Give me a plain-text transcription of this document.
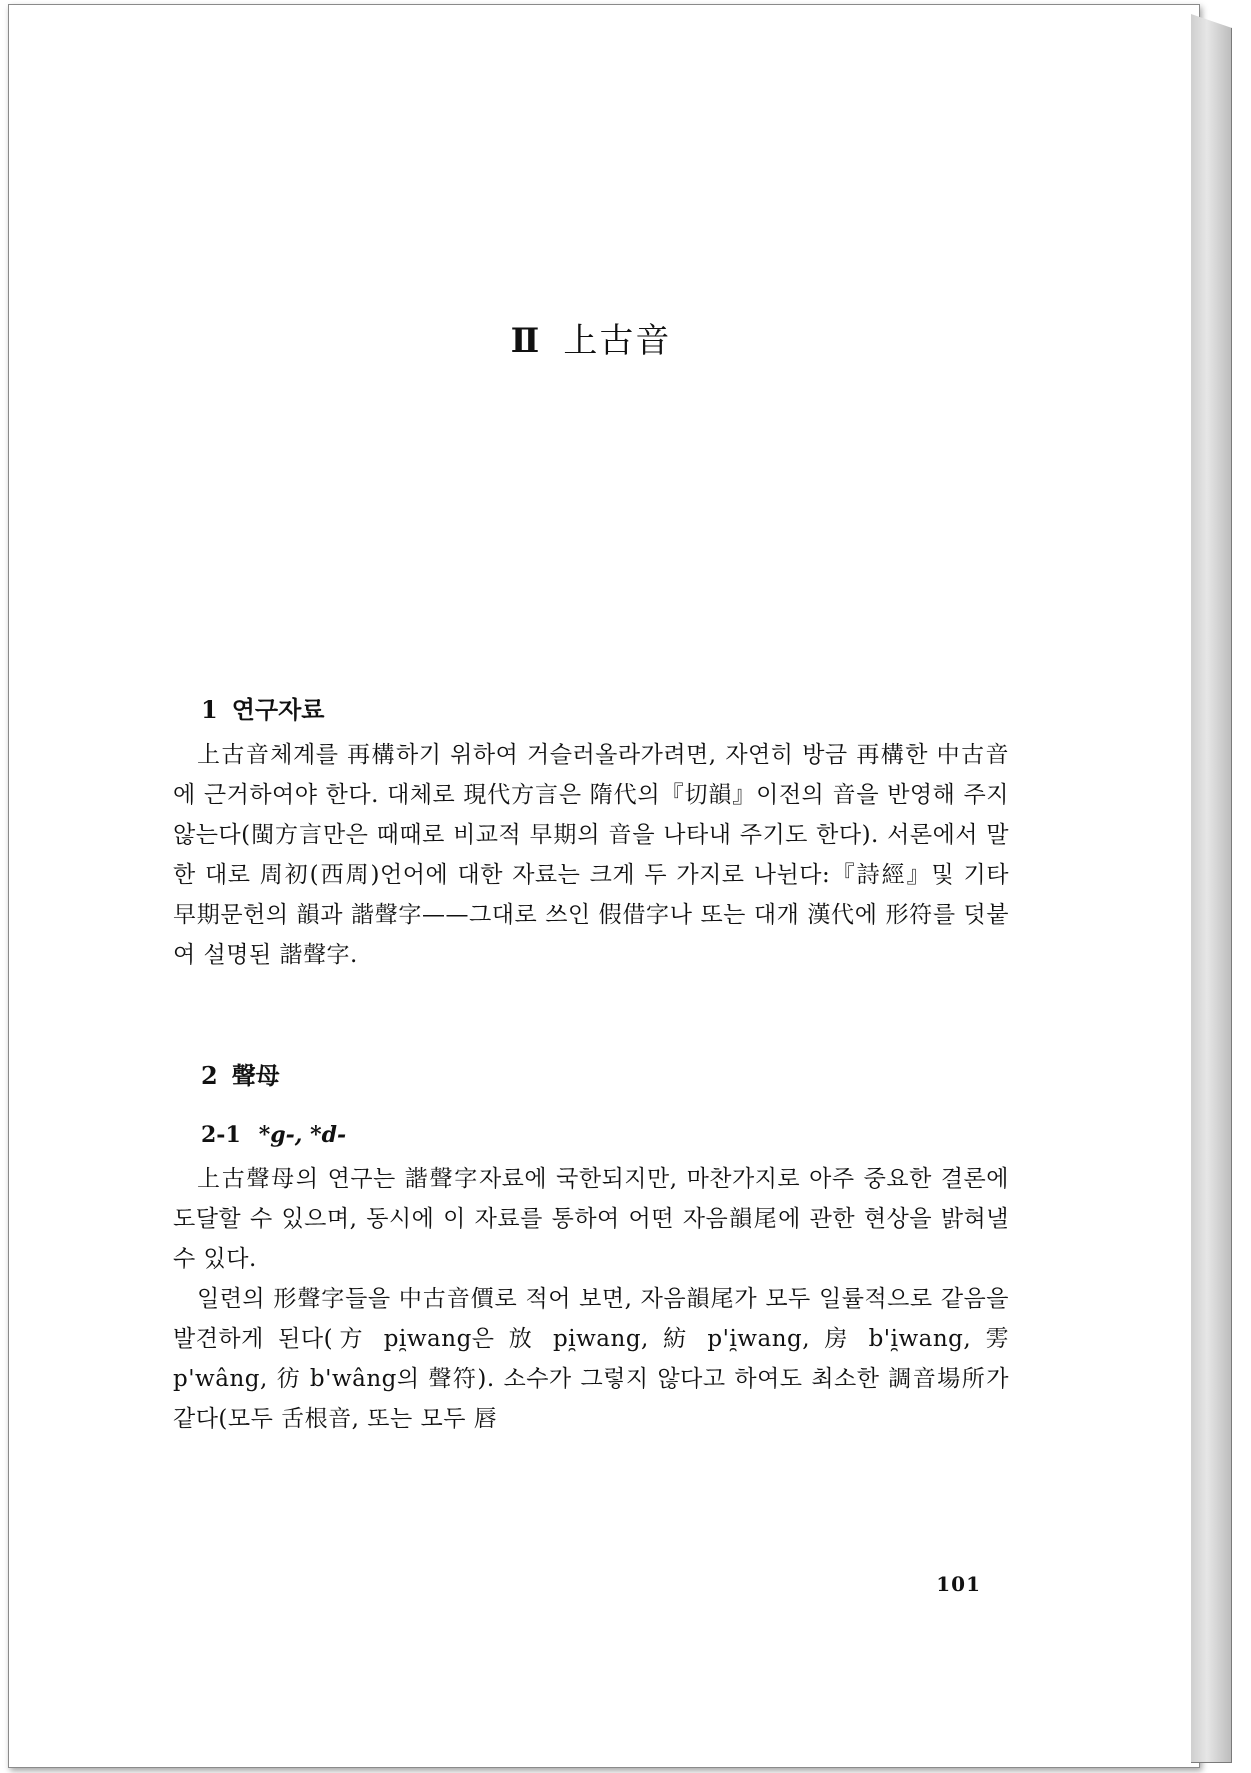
Ⅱ 上古音
1 연구자료

上古音체계를 再構하기 위하여 거슬러올라가려면, 자연히 방금 再構한 中古音에 근거하여야 한다. 대체로 現代方言은 隋代의『切韻』이전의 音을 반영해 주지 않는다(閩方言만은 때때로 비교적 早期의 音을 나타내 주기도 한다). 서론에서 말한 대로 周初(西周)언어에 대한 자료는 크게 두 가지로 나뉜다:『詩經』및 기타 早期문헌의 韻과 諧聲字——그대로 쓰인 假借字나 또는 대개 漢代에 形符를 덧붙여 설명된 諧聲字.

2 聲母
2-1 *g-, *d-

上古聲母의 연구는 諧聲字자료에 국한되지만, 마찬가지로 아주 중요한 결론에 도달할 수 있으며, 동시에 이 자료를 통하여 어떤 자음韻尾에 관한 현상을 밝혀낼 수 있다.

일련의 形聲字들을 中古音價로 적어 보면, 자음韻尾가 모두 일률적으로 같음을 발견하게 된다(方 pi̯wang은 放 pi̯wang, 紡 p'i̯wang, 房 b'i̯wang, 雱 p'wâng, 彷 b'wâng의 聲符). 소수가 그렇지 않다고 하여도 최소한 調音場所가 같다(모두 舌根音, 또는 모두 唇

101
